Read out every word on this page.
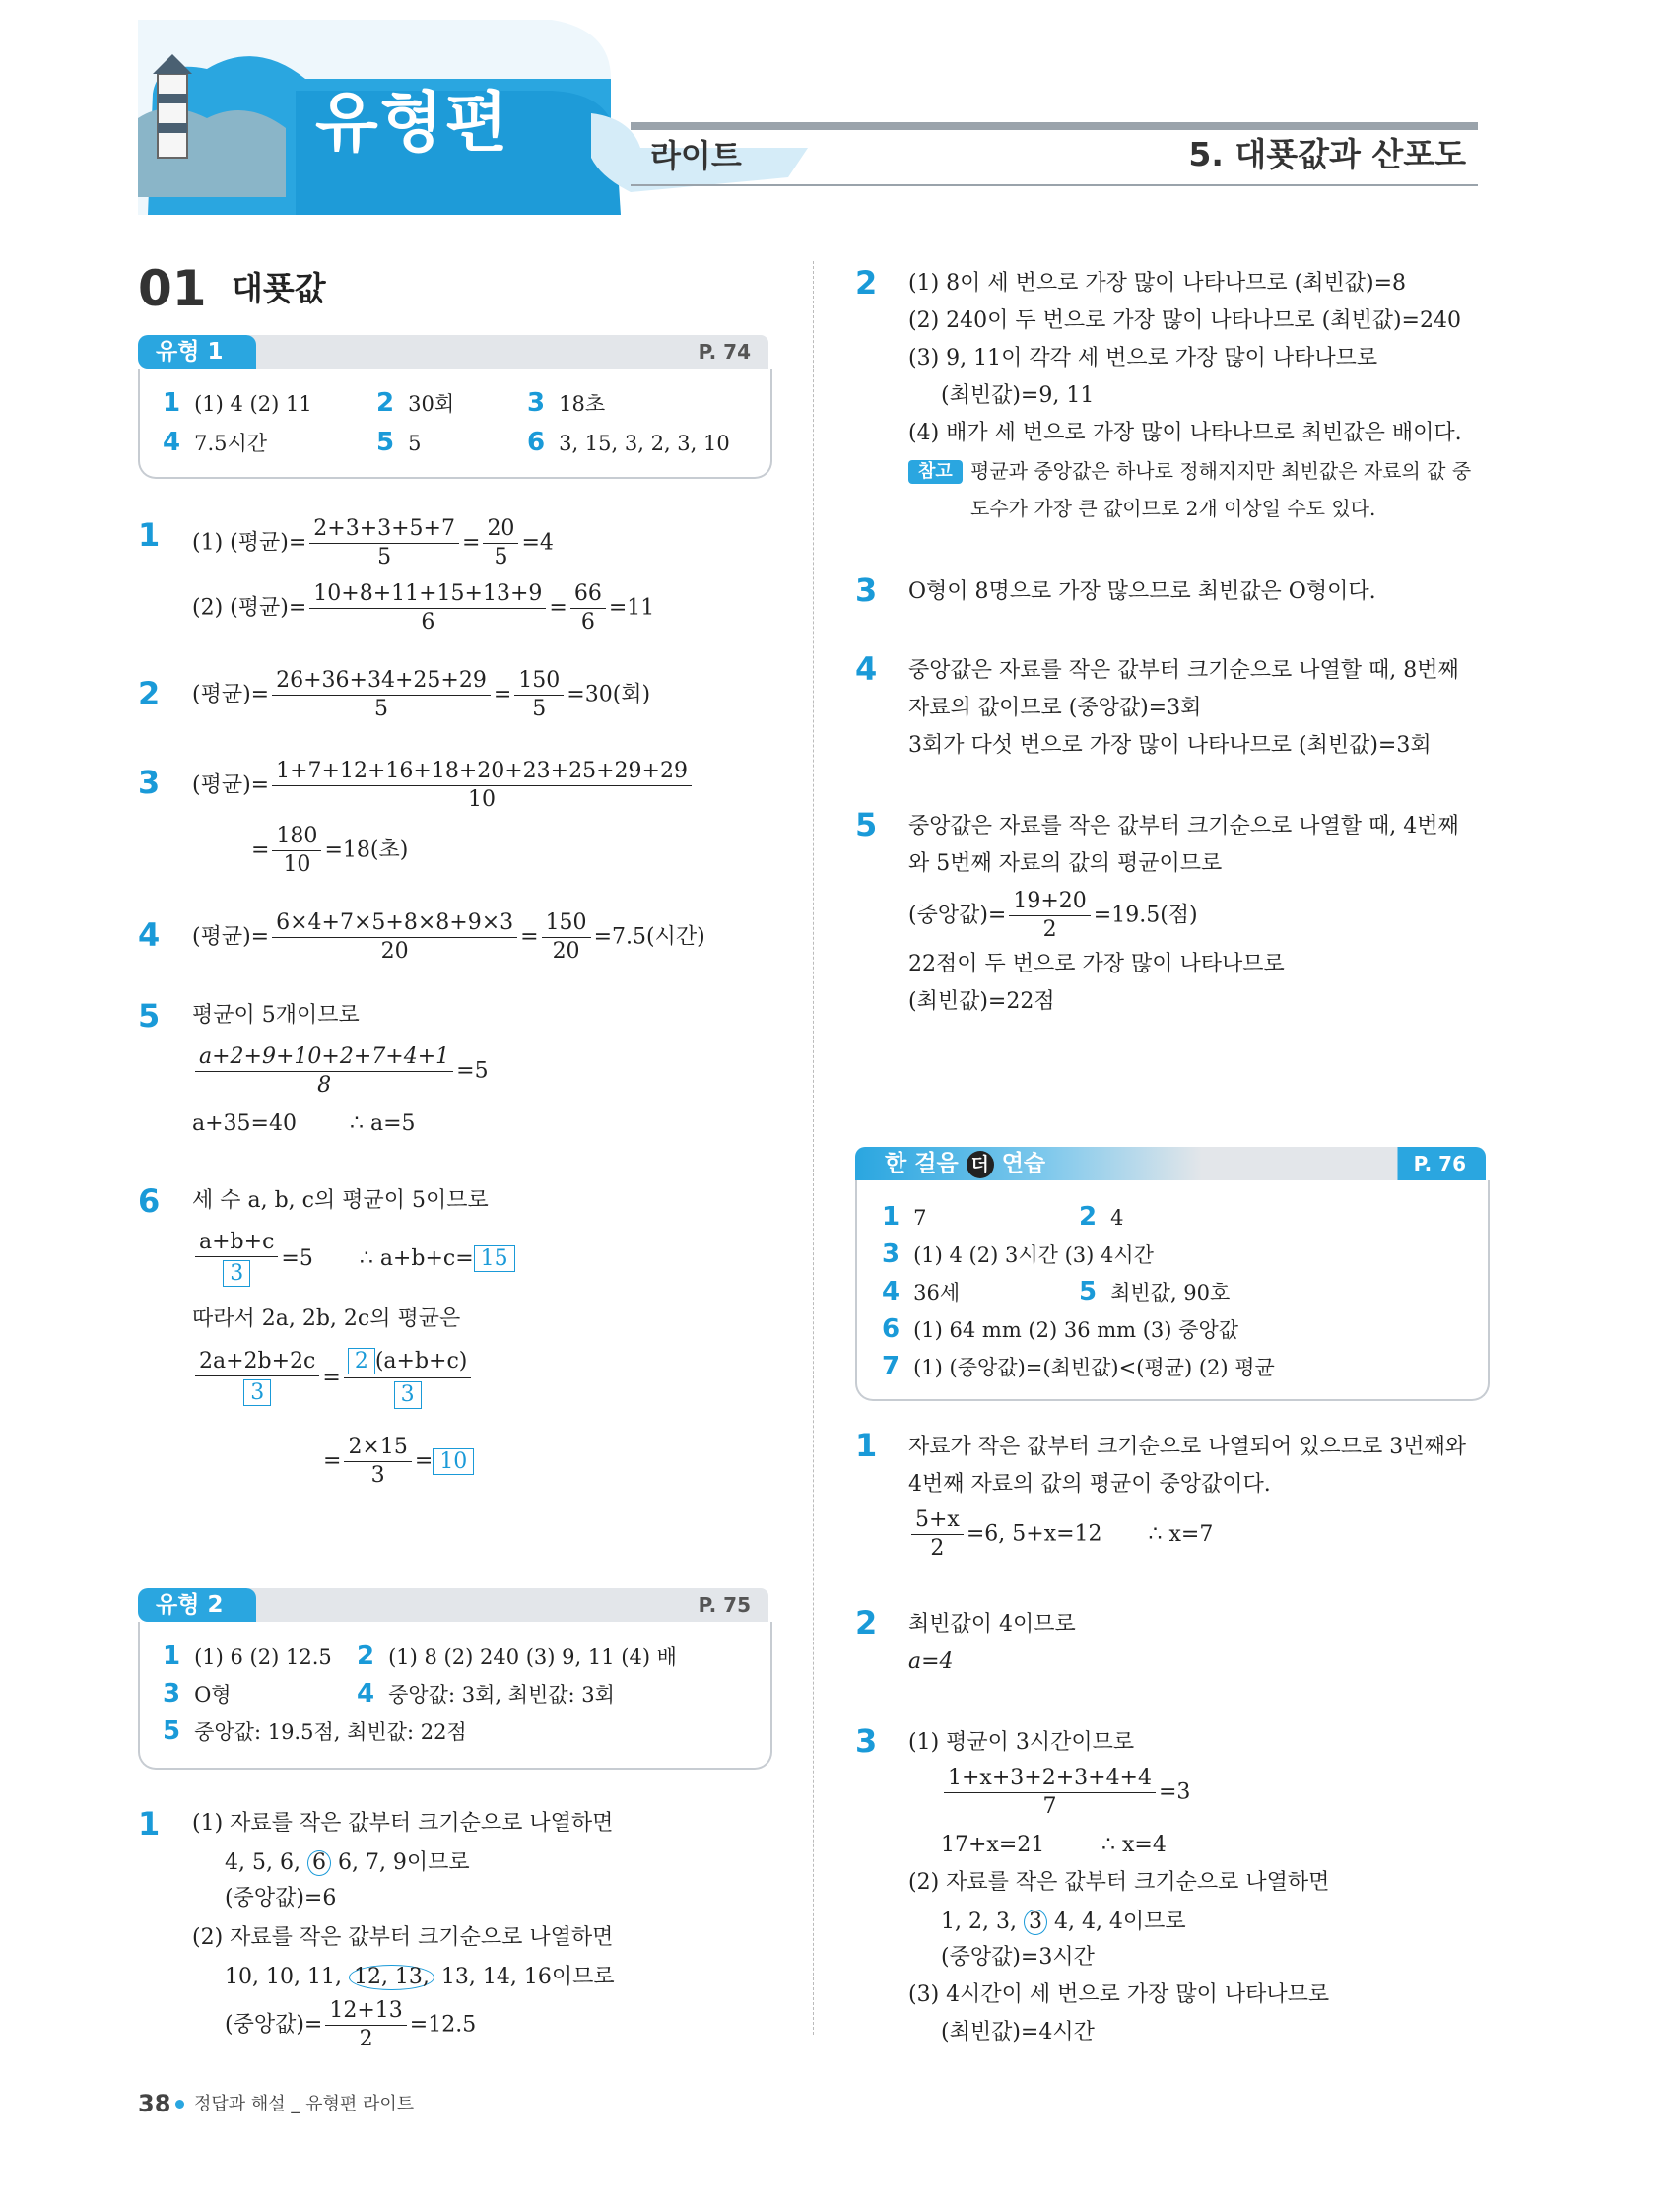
유형편	라이트	5. 대푯값과 산포도
01 대푯값
유형 1	P. 74
1 (1) 4 (2) 11	2 30회	3 18초
4 7.5시간	5 5	6 3, 15, 3, 2, 3, 10
1 (1) (평균)= $\frac{2+3+3+5+7}{5} = \frac{20}{5} =4$
(2) (평균)= $\frac{10+8+11+15+13+9}{6} = \frac{66}{6} =11$
2 (평균)= $\frac{26+36+34+25+29}{5} = \frac{150}{5} =30$(회)
3 (평균)= $\frac{1+7+12+16+18+20+23+25+29+29}{10}$
= $\frac{180}{10} =18$(초)
4 (평균)= $\frac{6\times 4+7\times 5+8\times 8+9\times 3}{20} = \frac{150}{20} =7.5$(시간)
5 평균이 5개이므로
$\frac{a+2+9+10+2+7+4+1}{8} =5$
a+35=40 ∴ a=5
6 세 수 a, b, c의 평균이 5이므로
$\frac{a+b+c}{3} =5$ ∴ a+b+c= 15
따라서 2a, 2b, 2c의 평균은
$\frac{2a+2b+2c}{3} = \frac{2 (a+b+c)}{3}$
= $\frac{2\times 15}{3} = 10$
유형 2	P. 75
1 (1) 6 (2) 12.5 2 (1) 8 (2) 240 (3) 9, 11 (4) 배
3 O형	4 중앙값: 3회, 최빈값: 3회
5 중앙값: 19.5점, 최빈값: 22점
1 (1) 자료를 작은 값부터 크기순으로 나열하면
4, 5, 6, 6 6, 7, 9이므로
(중앙값)=6
(2) 자료를 작은 값부터 크기순으로 나열하면
10, 10, 11, 12, 13, 13, 14, 16이므로
(중앙값)= $\frac{12+13}{2} =12.5$
2 (1) 8이 세 번으로 가장 많이 나타나므로 (최빈값)=8
(2) 240이 두 번으로 가장 많이 나타나므로 (최빈값)=240
(3) 9, 11이 각각 세 번으로 가장 많이 나타나므로
(최빈값)=9, 11
(4) 배가 세 번으로 가장 많이 나타나므로 최빈값은 배이다.
참고 평균과 중앙값은 하나로 정해지지만 최빈값은 자료의 값 중
도수가 가장 큰 값이므로 2개 이상일 수도 있다.
3 O형이 8명으로 가장 많으므로 최빈값은 O형이다.
4 중앙값은 자료를 작은 값부터 크기순으로 나열할 때, 8번째
자료의 값이므로 (중앙값)=3회
3회가 다섯 번으로 가장 많이 나타나므로 (최빈값)=3회
5 중앙값은 자료를 작은 값부터 크기순으로 나열할 때, 4번째
와 5번째 자료의 값의 평균이므로
(중앙값)= $\frac{19+20}{2} =19.5$(점)
22점이 두 번으로 가장 많이 나타나므로
(최빈값)=22점
한 걸음 더 연습	P. 76
1 7	2 4
3 (1) 4 (2) 3시간 (3) 4시간
4 36세	5 최빈값, 90호
6 (1) 64 mm (2) 36 mm (3) 중앙값
7 (1) (중앙값)=(최빈값)<(평균) (2) 평균
1 자료가 작은 값부터 크기순으로 나열되어 있으므로 3번째와
4번째 자료의 값의 평균이 중앙값이다.
$\frac{5+x}{2} =6$, 5+x=12 ∴ x=7
2 최빈값이 4이므로
a=4
3 (1) 평균이 3시간이므로
$\frac{1+x+3+2+3+4+4}{7} =3$
17+x=21	∴ x=4
(2) 자료를 작은 값부터 크기순으로 나열하면
1, 2, 3, 3 4, 4, 4이므로
(중앙값)=3시간
(3) 4시간이 세 번으로 가장 많이 나타나므로
(최빈값)=4시간
38 정답과 해설 _ 유형편 라이트
